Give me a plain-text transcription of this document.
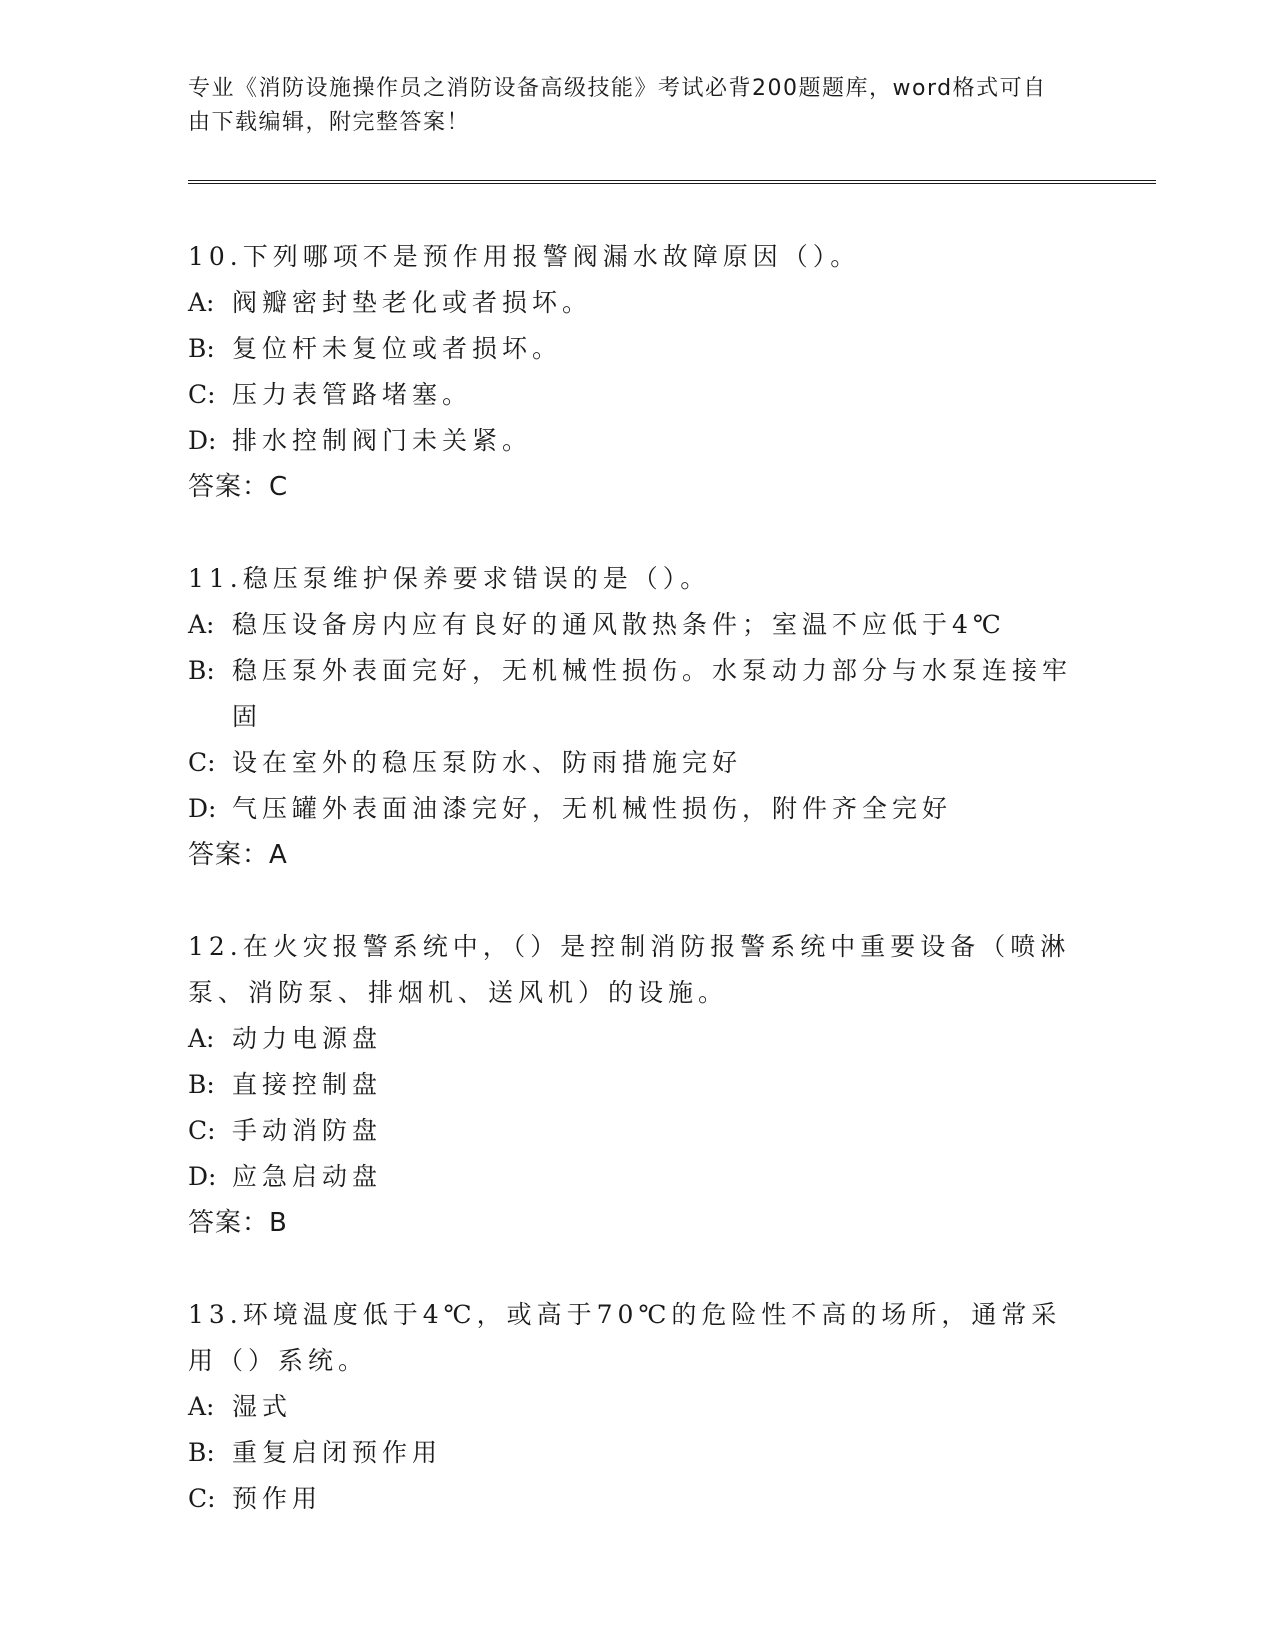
专业《消防设施操作员之消防设备高级技能》考试必背200题题库，word格式可自由下载编辑，附完整答案！

10.下列哪项不是预作用报警阀漏水故障原因（）。

A: 阀瓣密封垫老化或者损坏。
B: 复位杆未复位或者损坏。
C: 压力表管路堵塞。
D: 排水控制阀门未关紧。

答案：C

11.稳压泵维护保养要求错误的是（）。

A: 稳压设备房内应有良好的通风散热条件；室温不应低于4℃
B: 稳压泵外表面完好，无机械性损伤。水泵动力部分与水泵连接牢固
C: 设在室外的稳压泵防水、防雨措施完好
D: 气压罐外表面油漆完好，无机械性损伤，附件齐全完好

答案：A

12.在火灾报警系统中，（）是控制消防报警系统中重要设备（喷淋泵、消防泵、排烟机、送风机）的设施。

A: 动力电源盘
B: 直接控制盘
C: 手动消防盘
D: 应急启动盘

答案：B

13.环境温度低于4℃，或高于70℃的危险性不高的场所，通常采用（）系统。

A: 湿式
B: 重复启闭预作用
C: 预作用
